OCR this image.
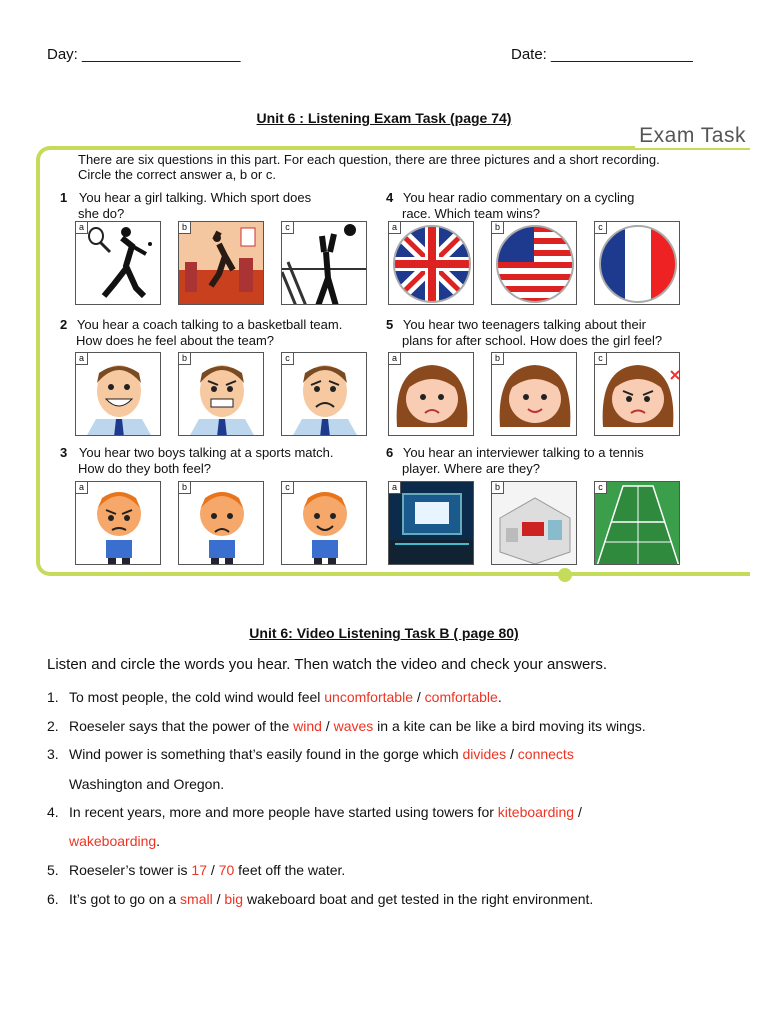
Day: ___________________	Date: _________________
Unit 6 : Listening Exam Task (page 74)
Exam Task
There are six questions in this part. For each question, there are three pictures and a short recording.
Circle the correct answer a, b or c.
1 You hear a girl talking. Which sport does
she do?
2 You hear a coach talking to a basketball team.
How does he feel about the team?
3 You hear two boys talking at a sports match.
How do they both feel?
4 You hear radio commentary on a cycling
race. Which team wins?
5 You hear two teenagers talking about their
plans for after school. How does the girl feel?
6 You hear an interviewer talking to a tennis
player. Where are they?
a	b	c	a	b	c
a	b	c	a	b	c
a	b	c	a	b	c
Unit 6: Video Listening Task B ( page 80)
Listen and circle the words you hear. Then watch the video and check your answers.
1. To most people, the cold wind would feel uncomfortable / comfortable.
2. Roeseler says that the power of the wind / waves in a kite can be like a bird moving its wings.
3. Wind power is something that’s easily found in the gorge which divides / connects
Washington and Oregon.
4. In recent years, more and more people have started using towers for kiteboarding /
wakeboarding.
5. Roeseler’s tower is 17 / 70 feet off the water.
6. It’s got to go on a small / big wakeboard boat and get tested in the right environment.
